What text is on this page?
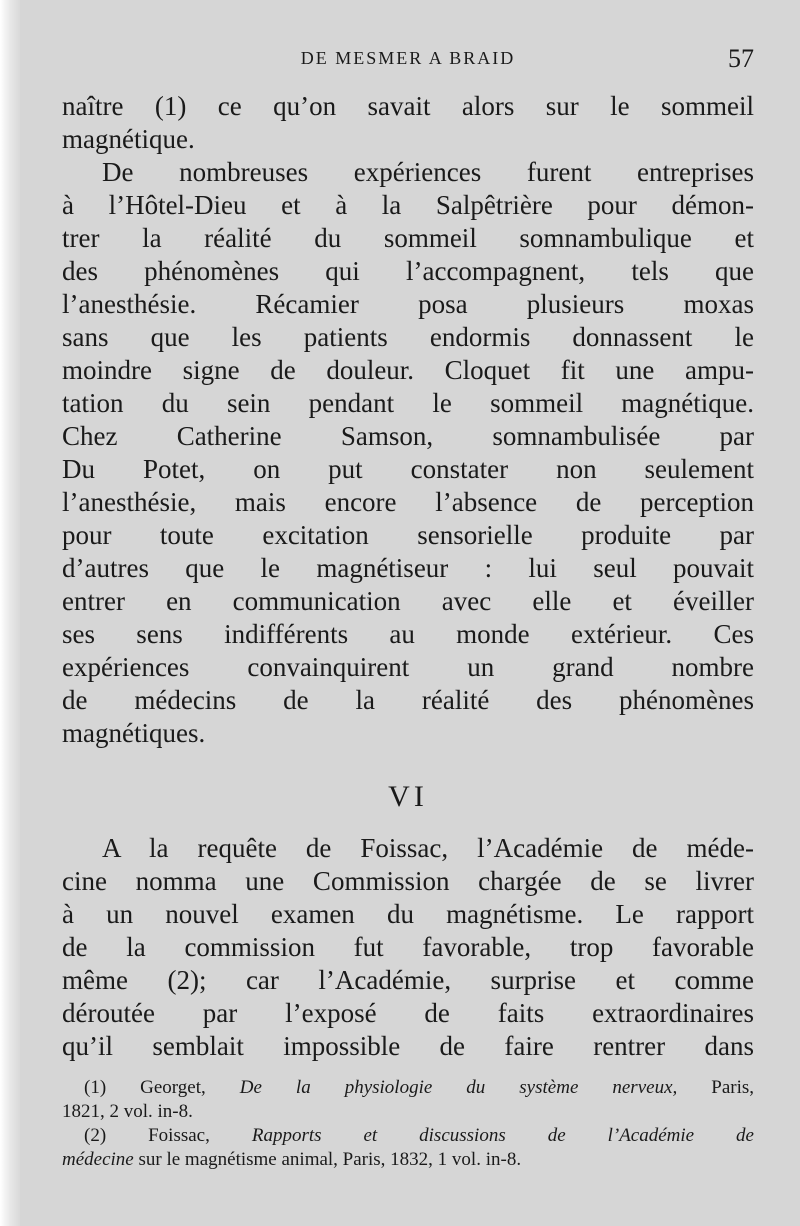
DE MESMER A BRAID	57
naître (1) ce qu’on savait alors sur le sommeil
magnétique.
De nombreuses expériences furent entreprises
à l’Hôtel-Dieu et à la Salpêtrière pour démon-
trer la réalité du sommeil somnambulique et
des phénomènes qui l’accompagnent, tels que
l’anesthésie. Récamier posa plusieurs moxas
sans que les patients endormis donnassent le
moindre signe de douleur. Cloquet fit une ampu-
tation du sein pendant le sommeil magnétique.
Chez Catherine Samson, somnambulisée par
Du Potet, on put constater non seulement
l’anesthésie, mais encore l’absence de perception
pour toute excitation sensorielle produite par
d’autres que le magnétiseur : lui seul pouvait
entrer en communication avec elle et éveiller
ses sens indifférents au monde extérieur. Ces
expériences convainquirent un grand nombre
de médecins de la réalité des phénomènes
magnétiques.
VI
A la requête de Foissac, l’Académie de méde-
cine nomma une Commission chargée de se livrer
à un nouvel examen du magnétisme. Le rapport
de la commission fut favorable, trop favorable
même (2); car l’Académie, surprise et comme
déroutée par l’exposé de faits extraordinaires
qu’il semblait impossible de faire rentrer dans
(1) Georget, De la physiologie du système nerveux, Paris,
1821, 2 vol. in-8.
(2) Foissac, Rapports et discussions de l’Académie de
médecine sur le magnétisme animal, Paris, 1832, 1 vol. in-8.
